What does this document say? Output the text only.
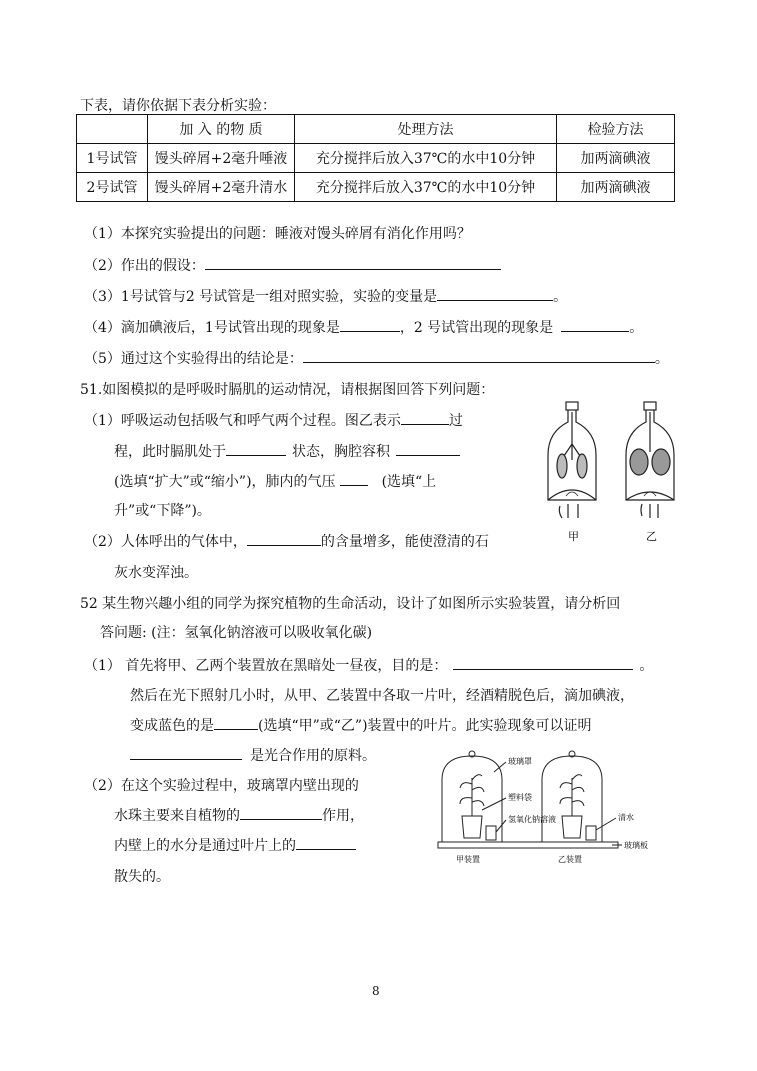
下表，请你依据下表分析实验：
	加 入 的物 质	处理方法	检验方法
1号试管	馒头碎屑+2毫升唾液	充分搅拌后放入37℃的水中10分钟	加两滴碘液
2号试管	馒头碎屑+2毫升清水	充分搅拌后放入37℃的水中10分钟	加两滴碘液
（1）本探究实验提出的问题：睡液对馒头碎屑有消化作用吗？
（2）作出的假设：
（3）1号试管与2 号试管是一组对照实验，实验的变量是	。
（4）滴加碘液后，1号试管出现的现象是	，2 号试管出现的现象是	。
（5）通过这个实验得出的结论是：	。
51.如图模拟的是呼吸时膈肌的运动情况，请根据图回答下列问题：
（1）呼吸运动包括吸气和呼气两个过程。图乙表示	过
程，此时膈肌处于	状态，胸腔容积
(选填“扩大”或“缩小”)，肺内的气压	(选填“上
升”或“下降”)。
（2）人体呼出的气体中，	的含量增多，能使澄清的石
灰水变浑浊。
甲	乙
52 某生物兴趣小组的同学为探究植物的生命活动，设计了如图所示实验装置，请分析回
答问题: (注：氢氧化钠溶液可以吸收氧化碳)
（1） 首先将甲、乙两个装置放在黑暗处一昼夜，目的是：	。
然后在光下照射几小时，从甲、乙装置中各取一片叶，经酒精脱色后，滴加碘液，
变成蓝色的是	(选填“甲”或“乙”)装置中的叶片。此实验现象可以证明
是光合作用的原料。
（2）在这个实验过程中，玻璃罩内壁出现的
水珠主要来自植物的	作用，
内壁上的水分是通过叶片上的
散失的。
玻璃罩
塑料袋
氢氧化钠溶液	清水
玻璃板
甲装置	乙装置
8
